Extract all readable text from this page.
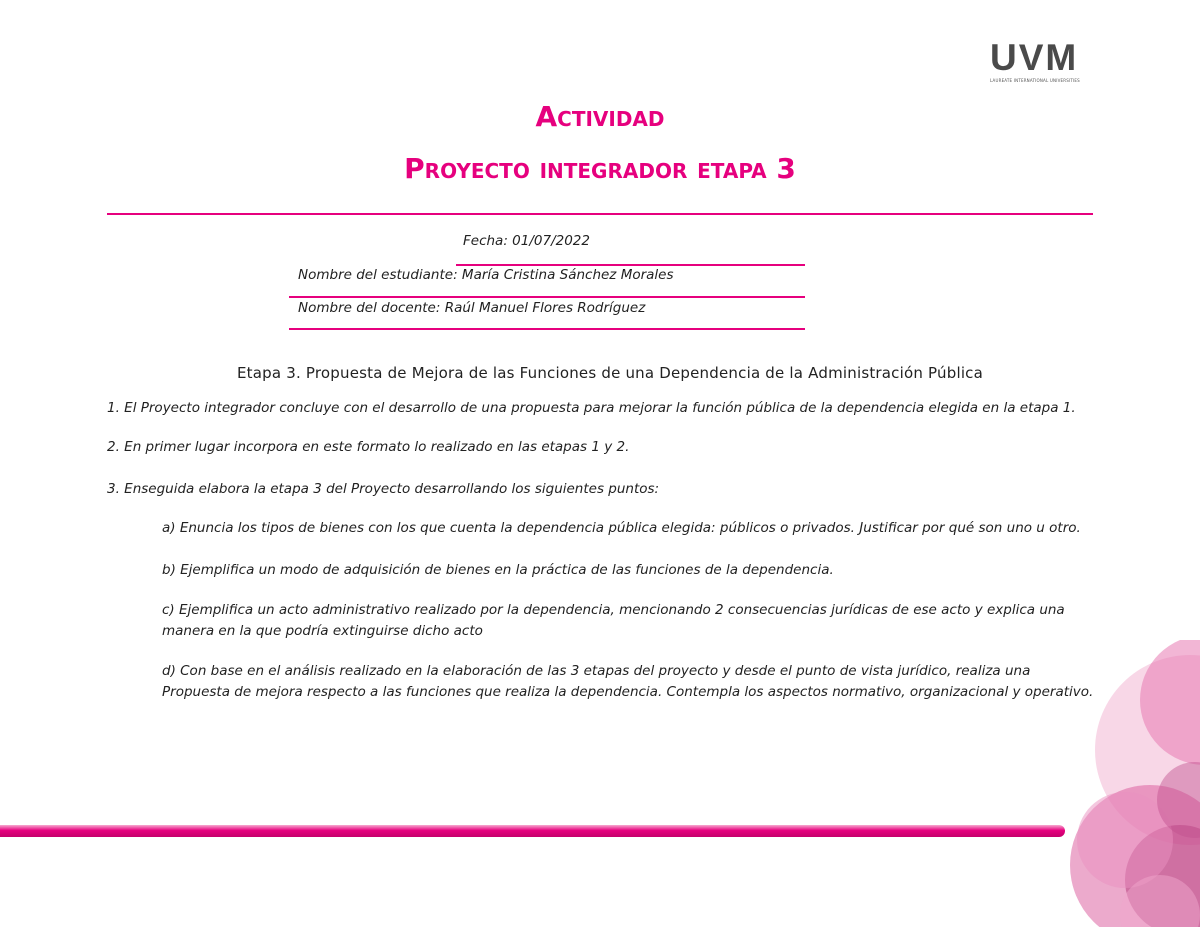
UVM
LAUREATE INTERNATIONAL UNIVERSITIES
Actividad
Proyecto integrador etapa 3
Fecha: 01/07/2022
Nombre del estudiante: María Cristina Sánchez Morales
Nombre del docente: Raúl Manuel Flores Rodríguez
Etapa 3. Propuesta de Mejora de las Funciones de una Dependencia de la Administración Pública
1. El Proyecto integrador concluye con el desarrollo de una propuesta para mejorar la función pública de la dependencia elegida en la etapa 1.
2. En primer lugar incorpora en este formato lo realizado en las etapas 1 y 2.
3. Enseguida elabora la etapa 3 del Proyecto desarrollando los siguientes puntos:
a) Enuncia los tipos de bienes con los que cuenta la dependencia pública elegida: públicos o privados. Justificar por qué son uno u otro.
b) Ejemplifica un modo de adquisición de bienes en la práctica de las funciones de la dependencia.
c) Ejemplifica un acto administrativo realizado por la dependencia, mencionando 2 consecuencias jurídicas de ese acto y explica una manera en la que podría extinguirse dicho acto
d) Con base en el análisis realizado en la elaboración de las 3 etapas del proyecto y desde el punto de vista jurídico, realiza una Propuesta de mejora respecto a las funciones que realiza la dependencia. Contempla los aspectos normativo, organizacional y operativo.
